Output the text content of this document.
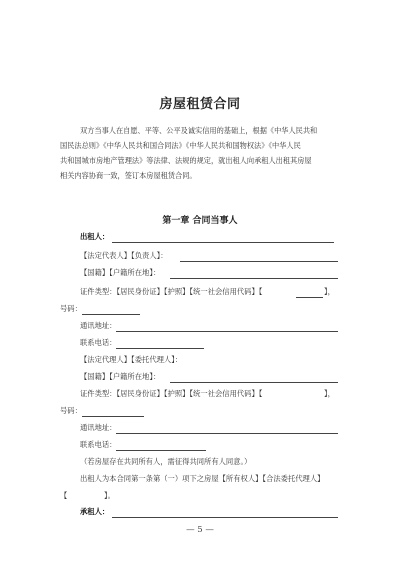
房屋租赁合同
双方当事人在自愿、平等、公平及诚实信用的基础上，根据《中华人民共和
国民法总则》《中华人民共和国合同法》《中华人民共和国物权法》《中华人民
共和国城市房地产管理法》等法律、法规的规定，就出租人向承租人出租其房屋
相关内容协商一致，签订本房屋租赁合同。
第一章 合同当事人
出租人：
【法定代表人】【负责人】：
【国籍】【户籍所在地】：
证件类型：【居民身份证】【护照】【统一社会信用代码】【	】，
号码：
通讯地址：
联系电话：
【法定代理人】【委托代理人】：
【国籍】【户籍所在地】：
证件类型：【居民身份证】【护照】【统一社会信用代码】【	】，
号码：
通讯地址：
联系电话：
（若房屋存在共同所有人，需征得共同所有人同意。）
出租人为本合同第一条第（一）项下之房屋【所有权人】【合法委托代理人】
【	】。
承租人：
— 5 —
